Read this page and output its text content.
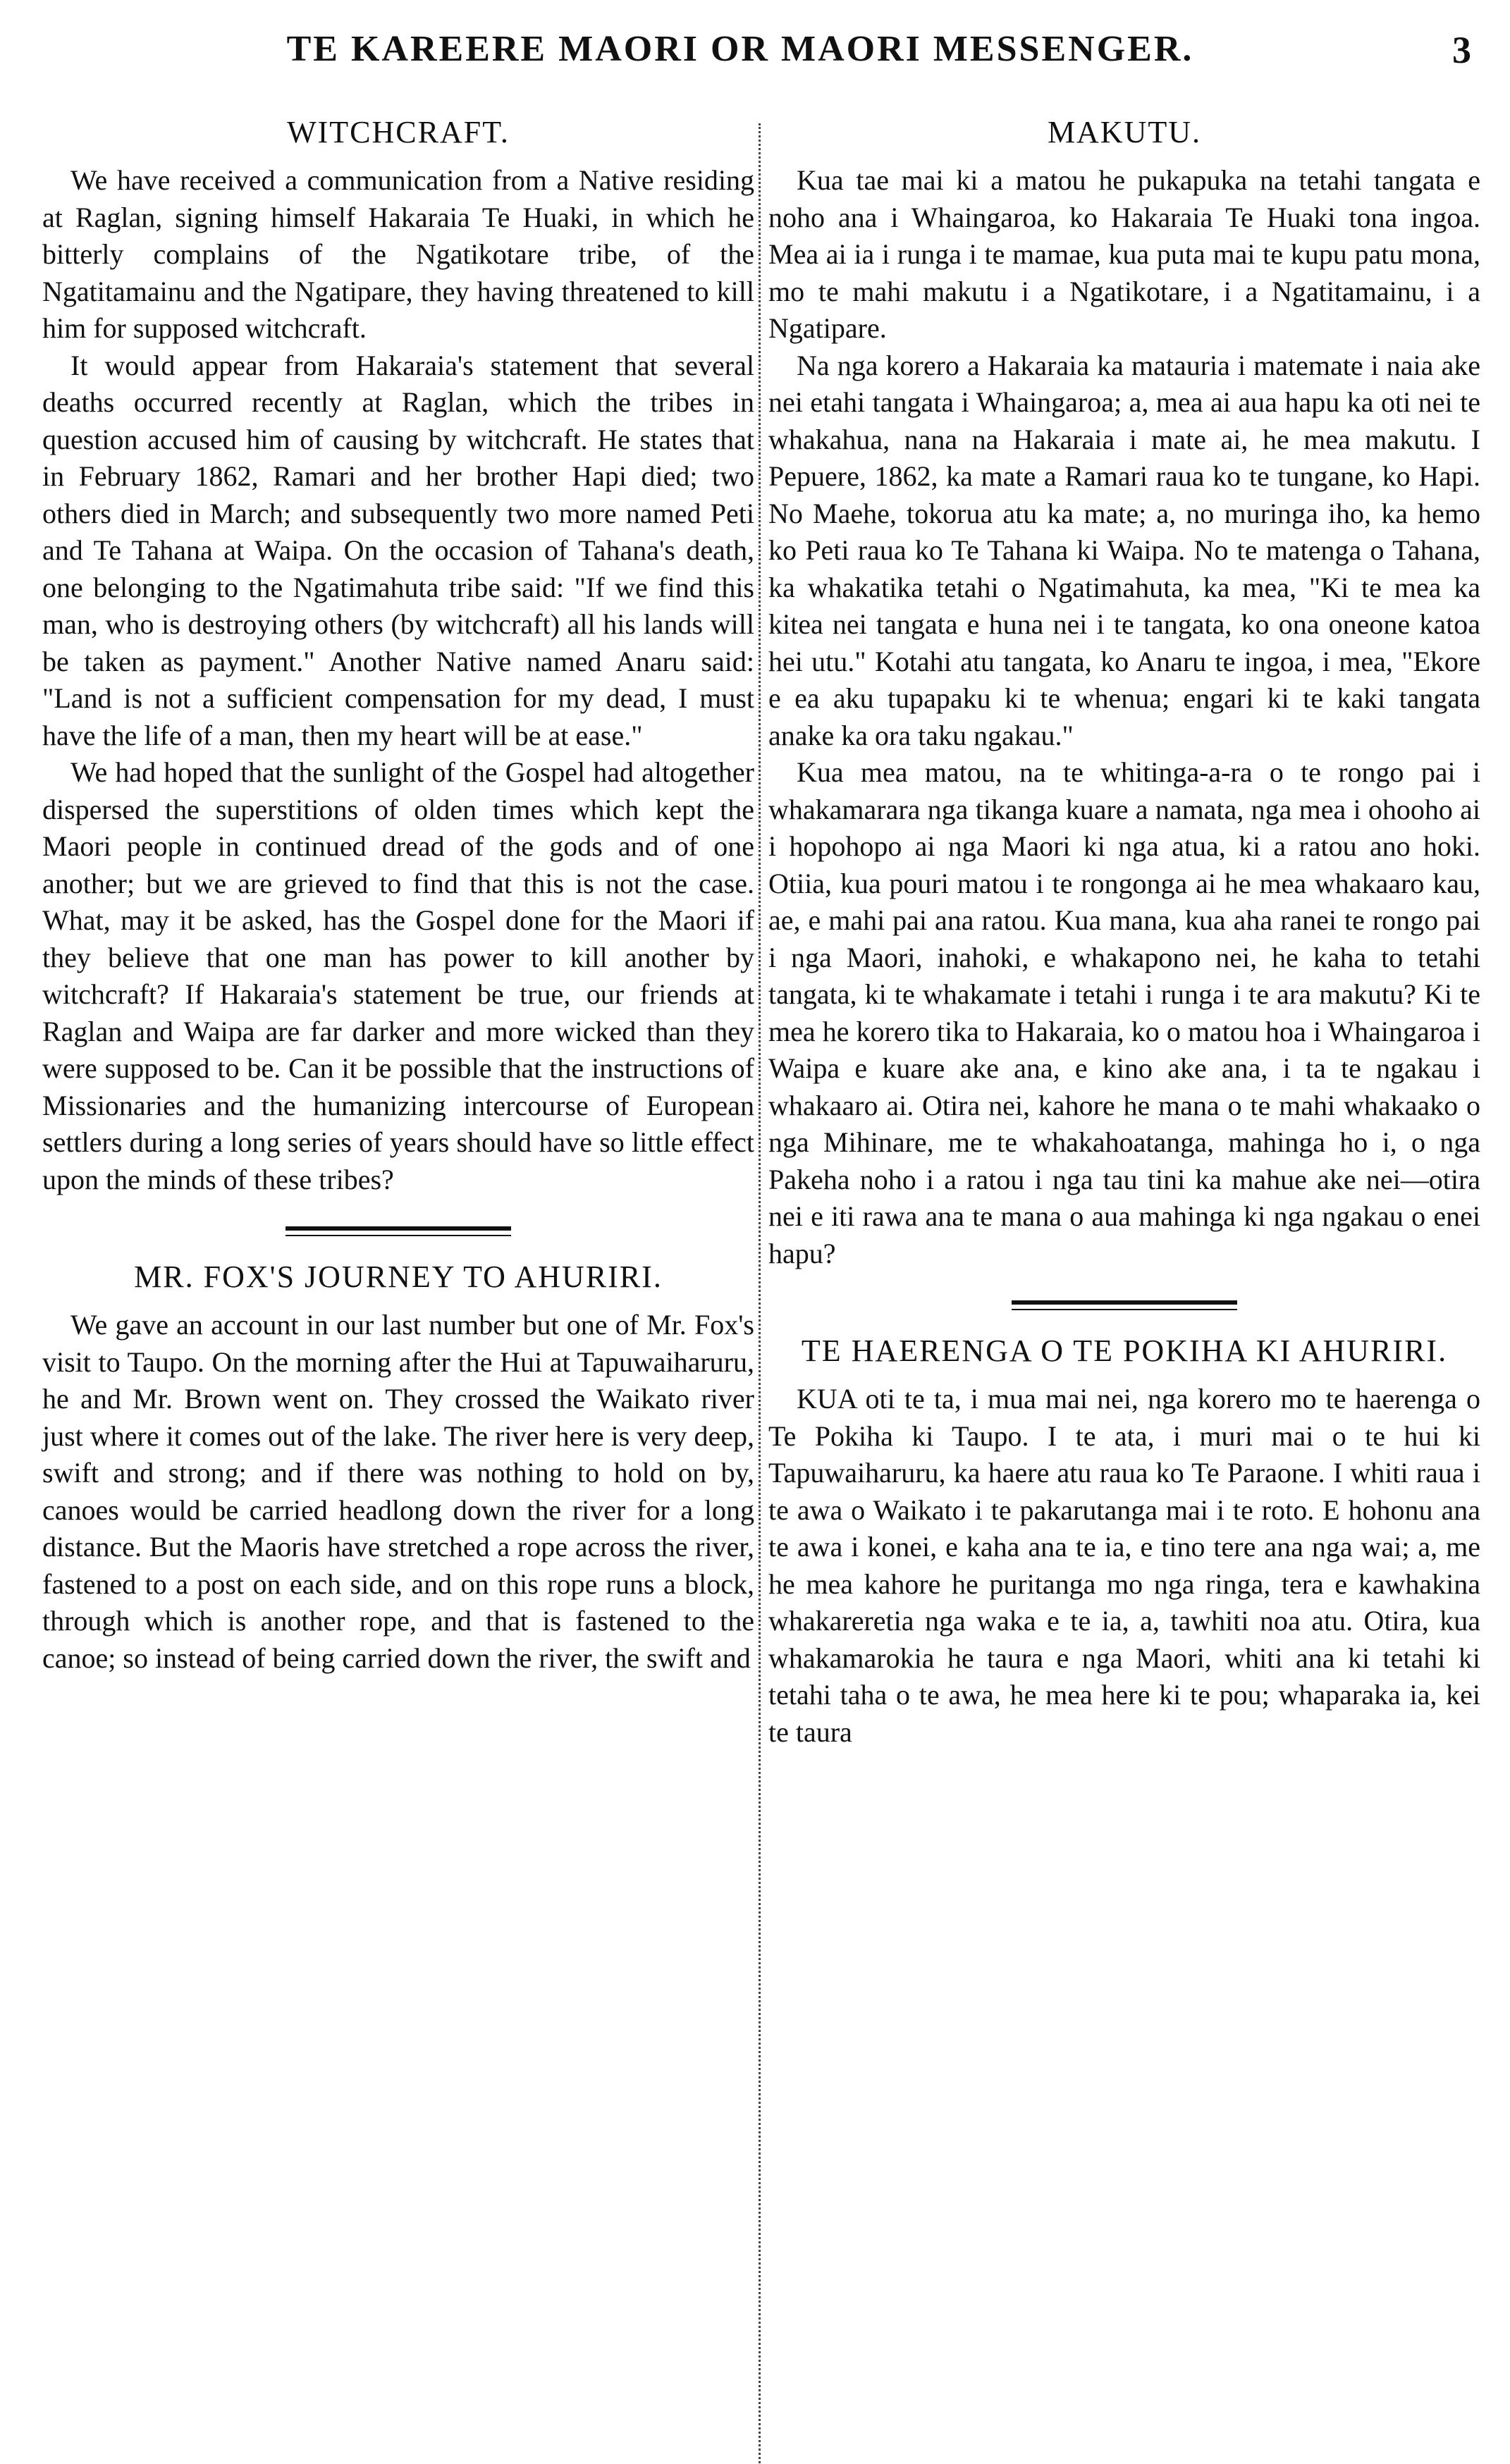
TE KAREERE MAORI OR MAORI MESSENGER.	3
WITCHCRAFT.

We have received a communication from a Native residing at Raglan, signing himself Hakaraia Te Huaki, in which he bitterly complains of the Ngatikotare tribe, of the Ngatitamainu and the Ngatipare, they having threatened to kill him for supposed witchcraft.

It would appear from Hakaraia's statement that several deaths occurred recently at Raglan, which the tribes in question accused him of causing by witchcraft. He states that in February 1862, Ramari and her brother Hapi died; two others died in March; and subsequently two more named Peti and Te Tahana at Waipa. On the occasion of Tahana's death, one belonging to the Ngatimahuta tribe said: "If we find this man, who is destroying others (by witchcraft) all his lands will be taken as payment." Another Native named Anaru said: "Land is not a sufficient compensation for my dead, I must have the life of a man, then my heart will be at ease."

We had hoped that the sunlight of the Gospel had altogether dispersed the superstitions of olden times which kept the Maori people in continued dread of the gods and of one another; but we are grieved to find that this is not the case. What, may it be asked, has the Gospel done for the Maori if they believe that one man has power to kill another by witchcraft? If Hakaraia's statement be true, our friends at Raglan and Waipa are far darker and more wicked than they were supposed to be. Can it be possible that the instructions of Missionaries and the humanizing intercourse of European settlers during a long series of years should have so little effect upon the minds of these tribes?

MR. FOX'S JOURNEY TO AHURIRI.

We gave an account in our last number but one of Mr. Fox's visit to Taupo. On the morning after the Hui at Tapuwaiharuru, he and Mr. Brown went on. They crossed the Waikato river just where it comes out of the lake. The river here is very deep, swift and strong; and if there was nothing to hold on by, canoes would be carried headlong down the river for a long distance. But the Maoris have stretched a rope across the river, fastened to a post on each side, and on this rope runs a block, through which is another rope, and that is fastened to the canoe; so instead of being carried down the river, the swift and

MAKUTU.

Kua tae mai ki a matou he pukapuka na tetahi tangata e noho ana i Whaingaroa, ko Hakaraia Te Huaki tona ingoa. Mea ai ia i runga i te mamae, kua puta mai te kupu patu mona, mo te mahi makutu i a Ngatikotare, i a Ngatitamainu, i a Ngatipare.

Na nga korero a Hakaraia ka matauria i matemate i naia ake nei etahi tangata i Whaingaroa; a, mea ai aua hapu ka oti nei te whakahua, nana na Hakaraia i mate ai, he mea makutu. I Pepuere, 1862, ka mate a Ramari raua ko te tungane, ko Hapi. No Maehe, tokorua atu ka mate; a, no muringa iho, ka hemo ko Peti raua ko Te Tahana ki Waipa. No te matenga o Tahana, ka whakatika tetahi o Ngatimahuta, ka mea, "Ki te mea ka kitea nei tangata e huna nei i te tangata, ko ona oneone katoa hei utu." Kotahi atu tangata, ko Anaru te ingoa, i mea, "Ekore e ea aku tupapaku ki te whenua; engari ki te kaki tangata anake ka ora taku ngakau."

Kua mea matou, na te whitinga-a-ra o te rongo pai i whakamarara nga tikanga kuare a namata, nga mea i ohooho ai i hopohopo ai nga Maori ki nga atua, ki a ratou ano hoki. Otiia, kua pouri matou i te rongonga ai he mea whakaaro kau, ae, e mahi pai ana ratou. Kua mana, kua aha ranei te rongo pai i nga Maori, inahoki, e whakapono nei, he kaha to tetahi tangata, ki te whakamate i tetahi i runga i te ara makutu? Ki te mea he korero tika to Hakaraia, ko o matou hoa i Whaingaroa i Waipa e kuare ake ana, e kino ake ana, i ta te ngakau i whakaaro ai. Otira nei, kahore he mana o te mahi whakaako o nga Mihinare, me te whakahoatanga, mahinga ho i, o nga Pakeha noho i a ratou i nga tau tini ka mahue ake nei—otira nei e iti rawa ana te mana o aua mahinga ki nga ngakau o enei hapu?

TE HAERENGA O TE POKIHA KI AHURIRI.

KUA oti te ta, i mua mai nei, nga korero mo te haerenga o Te Pokiha ki Taupo. I te ata, i muri mai o te hui ki Tapuwaiharuru, ka haere atu raua ko Te Paraone. I whiti raua i te awa o Waikato i te pakarutanga mai i te roto. E hohonu ana te awa i konei, e kaha ana te ia, e tino tere ana nga wai; a, me he mea kahore he puritanga mo nga ringa, tera e kawhakina whakareretia nga waka e te ia, a, tawhiti noa atu. Otira, kua whakamarokia he taura e nga Maori, whiti ana ki tetahi ki tetahi taha o te awa, he mea here ki te pou; whaparaka ia, kei te taura
